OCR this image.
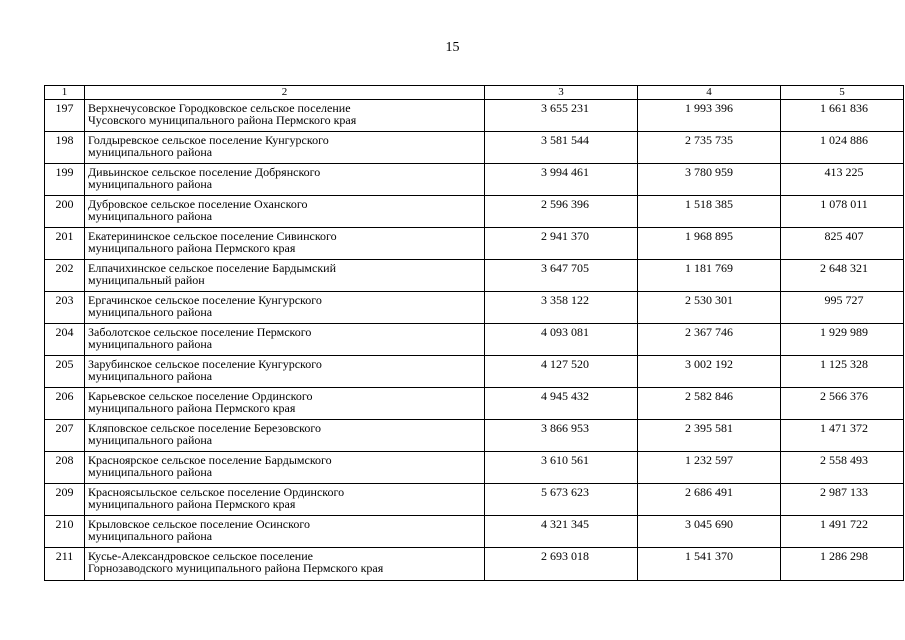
15
1	2	3	4	5
197	Верхнечусовское Городковское сельское поселение
Чусовского муниципального района Пермского края	3 655 231	1 993 396	1 661 836
198	Голдыревское сельское поселение Кунгурского
муниципального района	3 581 544	2 735 735	1 024 886
199	Дивьинское сельское поселение Добрянского
муниципального района	3 994 461	3 780 959	413 225
200	Дубровское сельское поселение Оханского
муниципального района	2 596 396	1 518 385	1 078 011
201	Екатерининское сельское поселение Сивинского
муниципального района Пермского края	2 941 370	1 968 895	825 407
202	Елпачихинское сельское поселение Бардымский
муниципальный район	3 647 705	1 181 769	2 648 321
203	Ергачинское сельское поселение Кунгурского
муниципального района	3 358 122	2 530 301	995 727
204	Заболотское сельское поселение Пермского
муниципального района	4 093 081	2 367 746	1 929 989
205	Зарубинское сельское поселение Кунгурского
муниципального района	4 127 520	3 002 192	1 125 328
206	Карьевское сельское поселение Ординского
муниципального района Пермского края	4 945 432	2 582 846	2 566 376
207	Кляповское сельское поселение Березовского
муниципального района	3 866 953	2 395 581	1 471 372
208	Красноярское сельское поселение Бардымского
муниципального района	3 610 561	1 232 597	2 558 493
209	Красноясыльское сельское поселение Ординского
муниципального района Пермского края	5 673 623	2 686 491	2 987 133
210	Крыловское сельское поселение Осинского
муниципального района	4 321 345	3 045 690	1 491 722
211	Кусье-Александровское сельское поселение
Горнозаводского муниципального района Пермского края	2 693 018	1 541 370	1 286 298
